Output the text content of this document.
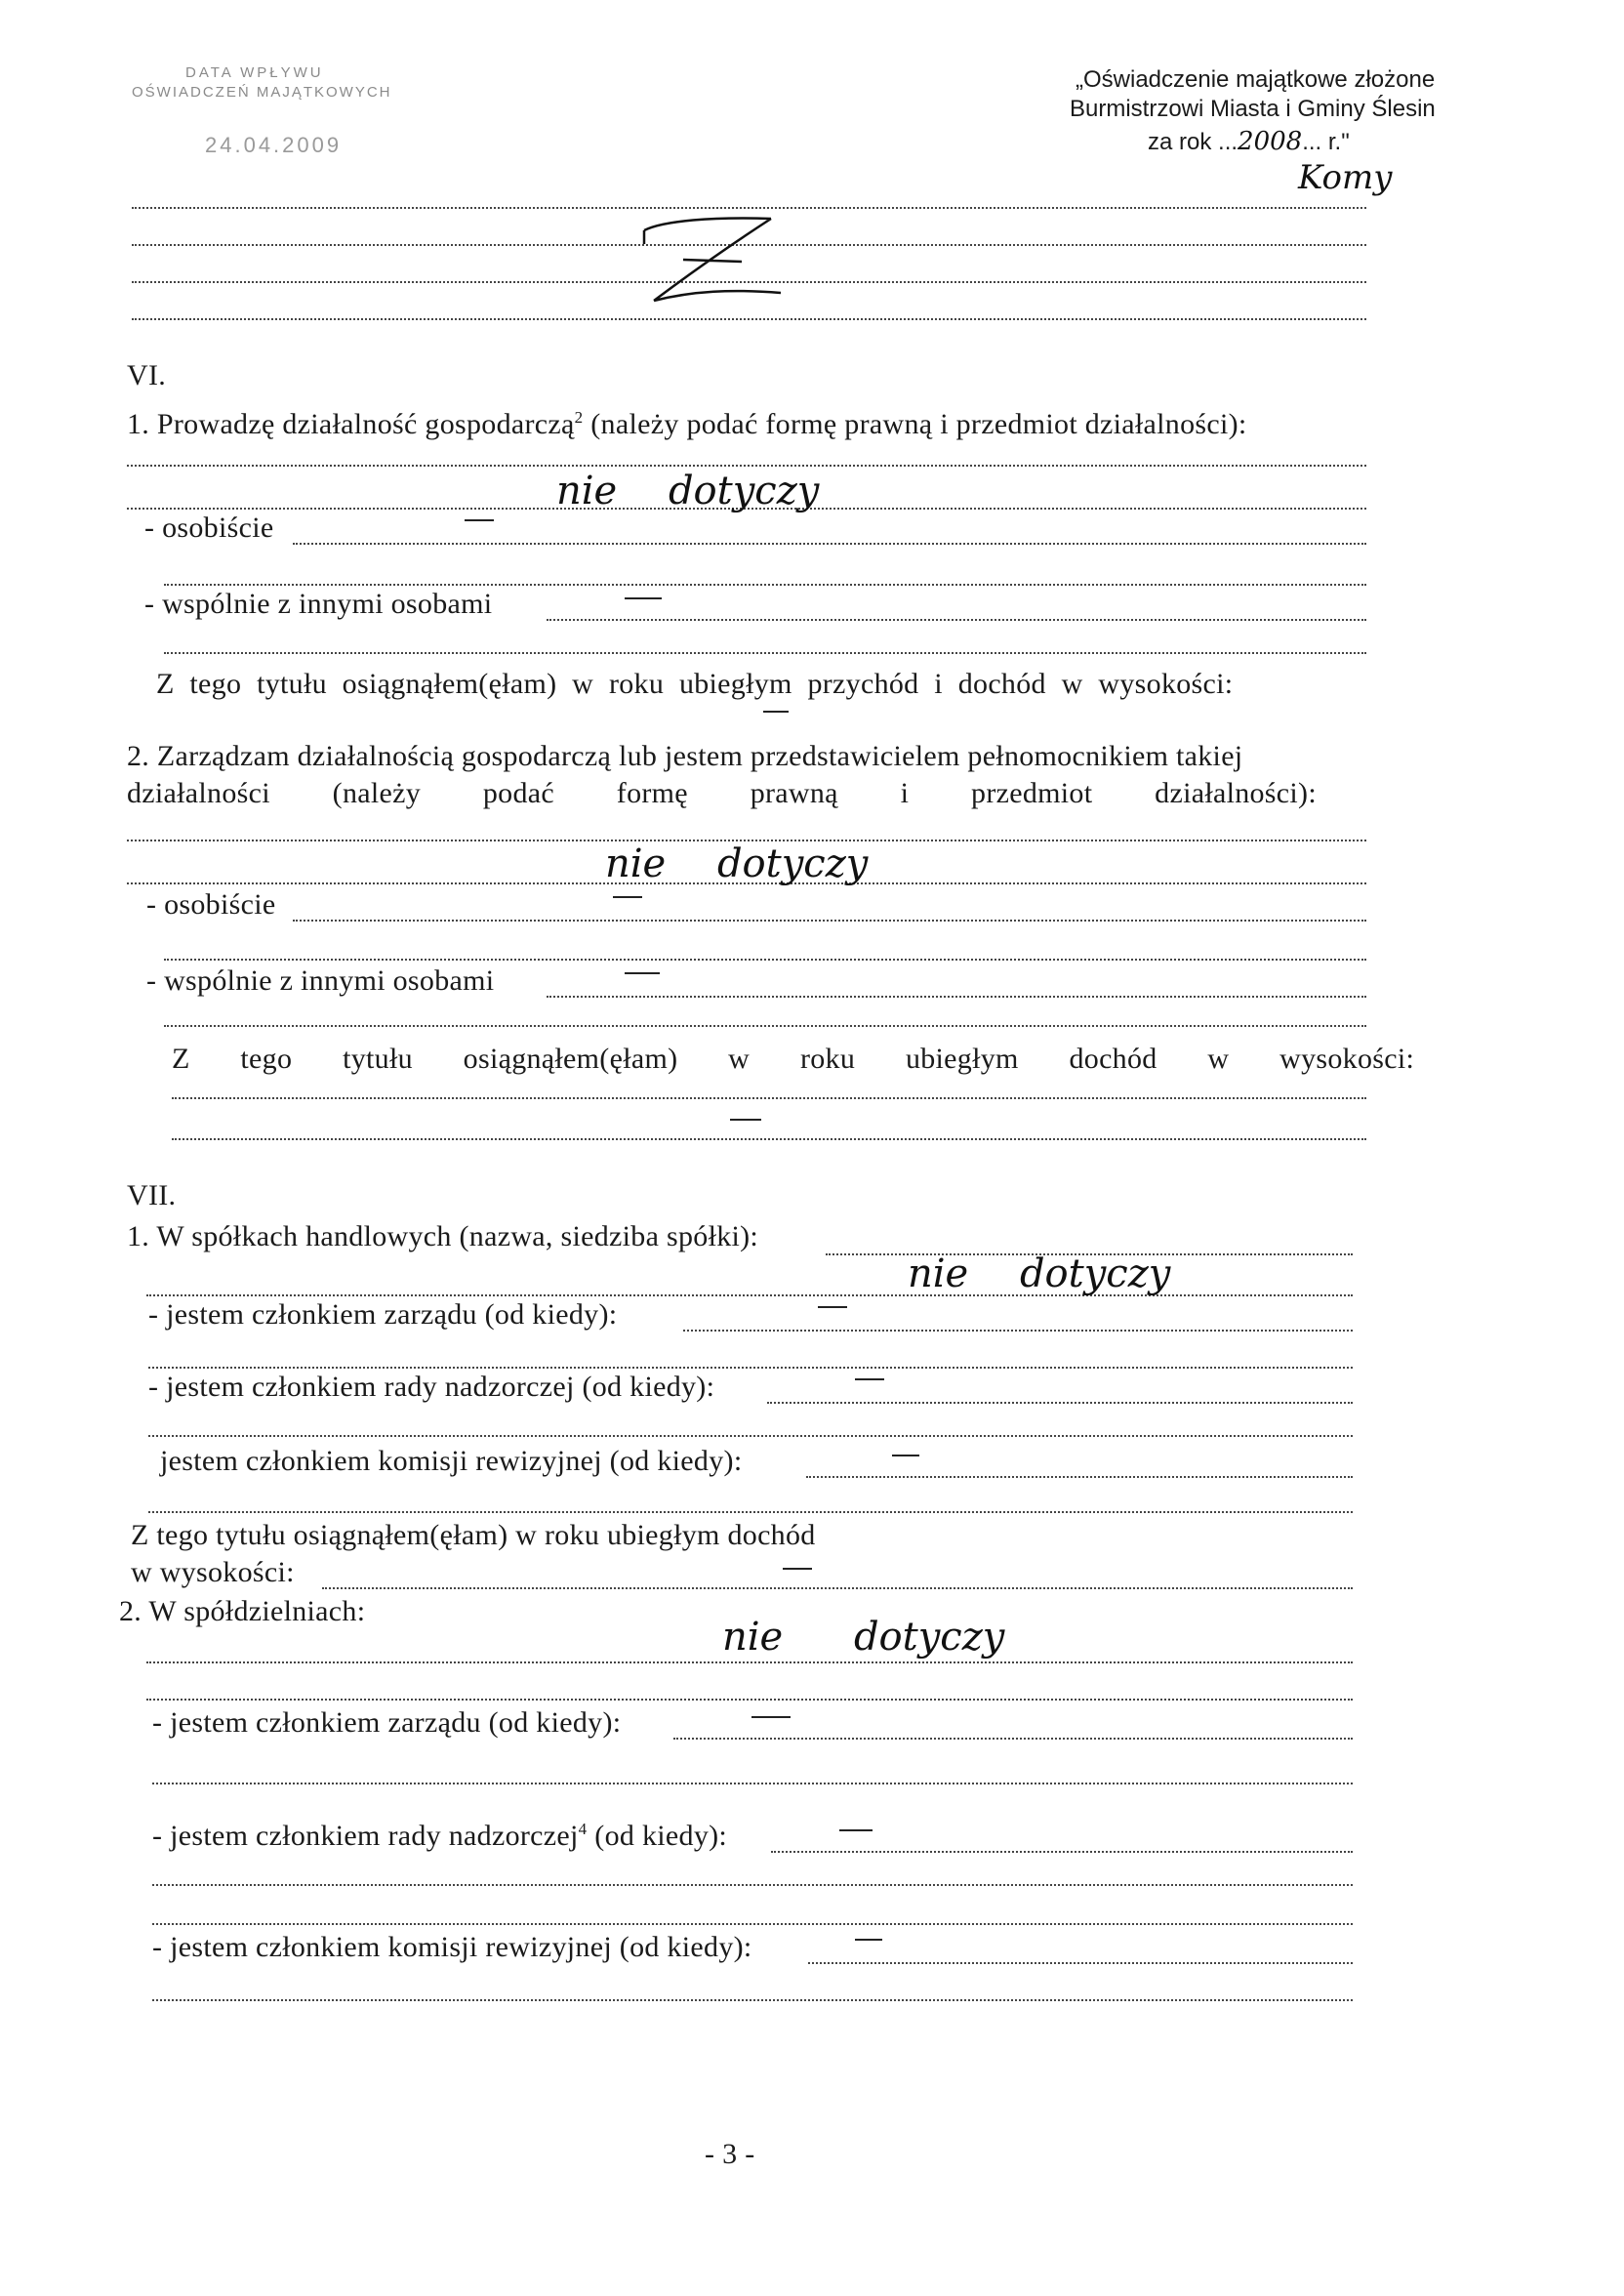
DATA WPŁYWU
OŚWIADCZEŃ MAJĄTKOWYCH
24.04.2009
„Oświadczenie majątkowe złożone
Burmistrzowi Miasta i Gminy Ślesin
za rok ...2008... r."
Komy
VI.
1. Prowadzę działalność gospodarczą$^2$ (należy podać formę prawną i przedmiot działalności):
nie dotyczy
- osobiście
- wspólnie z innymi osobami
Z tego tytułu osiągnąłem(ęłam) w roku ubiegłym przychód i dochód w wysokości:
2. Zarządzam działalnością gospodarczą lub jestem przedstawicielem pełnomocnikiem takiej
działalności (należy podać formę prawną i przedmiot działalności):
nie dotyczy
- osobiście
- wspólnie z innymi osobami
Z tego tytułu osiągnąłem(ęłam) w roku ubiegłym dochód w wysokości:
VII.
1. W spółkach handlowych (nazwa, siedziba spółki):
nie dotyczy
- jestem członkiem zarządu (od kiedy):
- jestem członkiem rady nadzorczej (od kiedy):
jestem członkiem komisji rewizyjnej (od kiedy):
Z tego tytułu osiągnąłem(ęłam) w roku ubiegłym dochód
w wysokości:
2. W spółdzielniach:
nie dotyczy
- jestem członkiem zarządu (od kiedy):
- jestem członkiem rady nadzorczej$^4$ (od kiedy):
- jestem członkiem komisji rewizyjnej (od kiedy):
- 3 -
